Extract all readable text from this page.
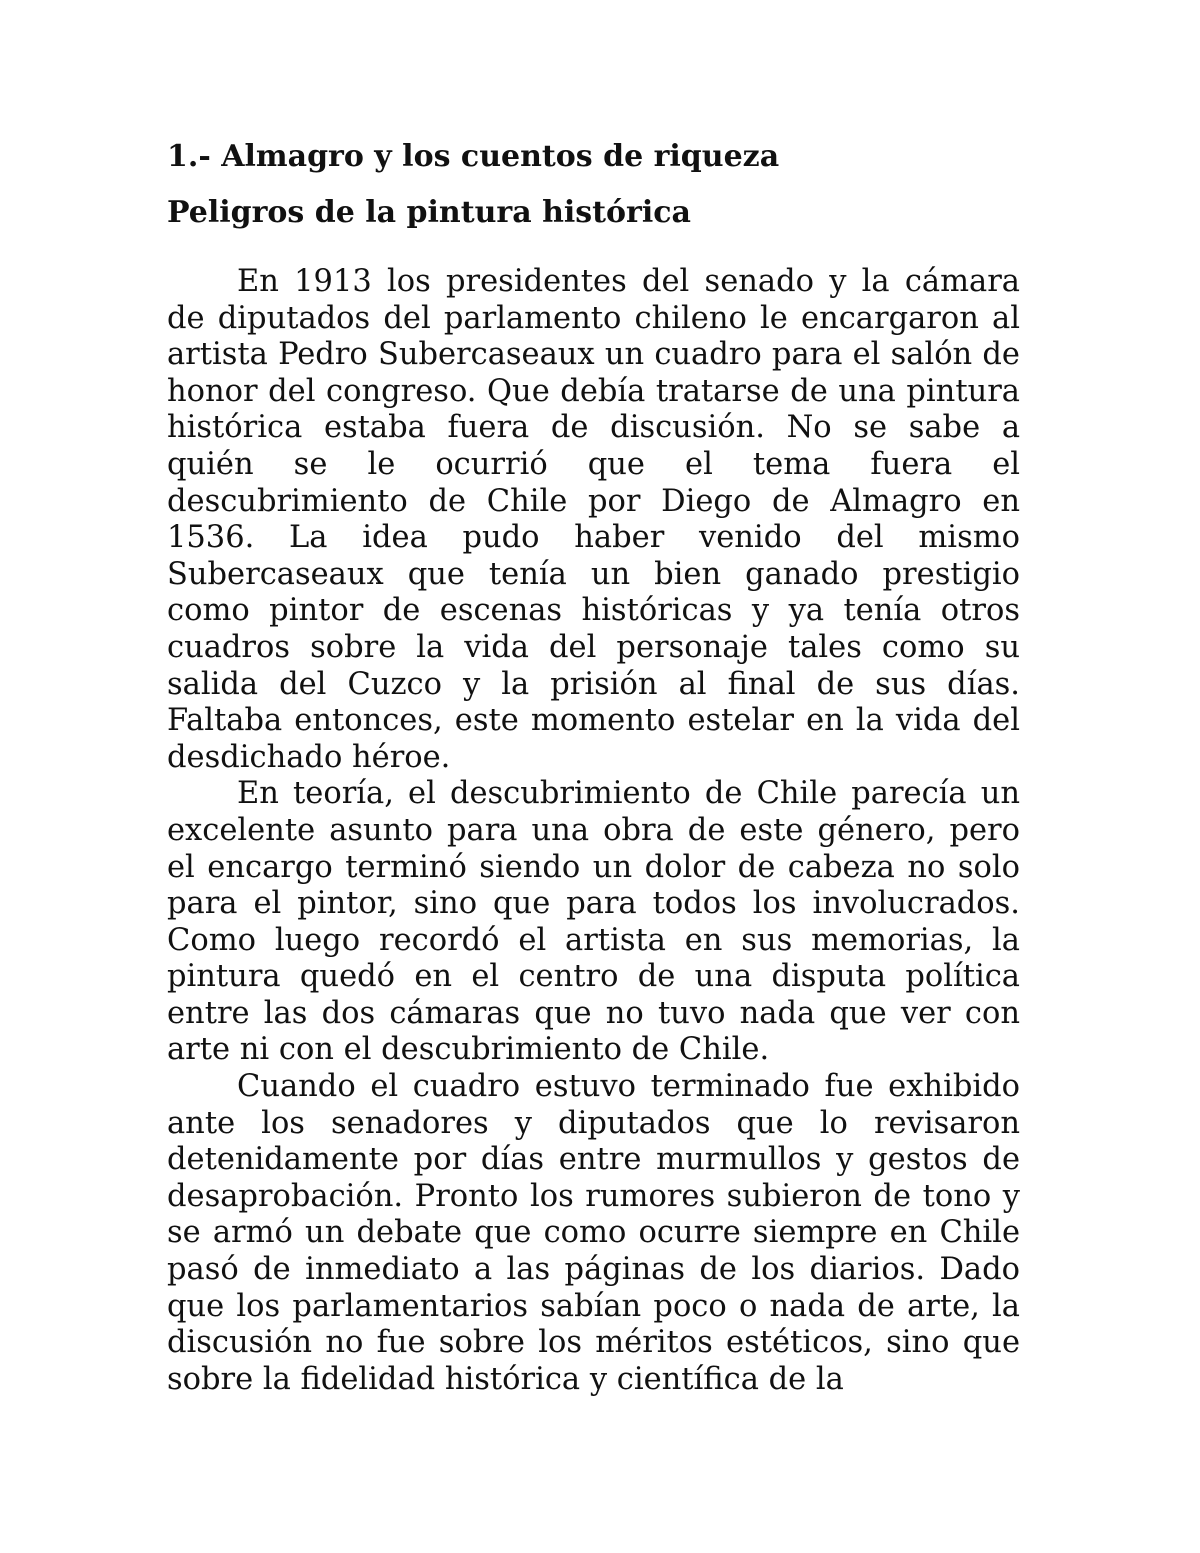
1.- Almagro y los cuentos de riqueza
Peligros de la pintura histórica

En 1913 los presidentes del senado y la cámara de diputados del parlamento chileno le encargaron al artista Pedro Subercaseaux un cuadro para el salón de honor del congreso. Que debía tratarse de una pintura histórica estaba fuera de discusión. No se sabe a quién se le ocurrió que el tema fuera el descubrimiento de Chile por Diego de Almagro en 1536. La idea pudo haber venido del mismo Subercaseaux que tenía un bien ganado prestigio como pintor de escenas históricas y ya tenía otros cuadros sobre la vida del personaje tales como su salida del Cuzco y la prisión al final de sus días. Faltaba entonces, este momento estelar en la vida del desdichado héroe.

En teoría, el descubrimiento de Chile parecía un excelente asunto para una obra de este género, pero el encargo terminó siendo un dolor de cabeza no solo para el pintor, sino que para todos los involucrados. Como luego recordó el artista en sus memorias, la pintura quedó en el centro de una disputa política entre las dos cámaras que no tuvo nada que ver con arte ni con el descubrimiento de Chile.

Cuando el cuadro estuvo terminado fue exhibido ante los senadores y diputados que lo revisaron detenidamente por días entre murmullos y gestos de desaprobación. Pronto los rumores subieron de tono y se armó un debate que como ocurre siempre en Chile pasó de inmediato a las páginas de los diarios. Dado que los parlamentarios sabían poco o nada de arte, la discusión no fue sobre los méritos estéticos, sino que sobre la fidelidad histórica y científica de la
